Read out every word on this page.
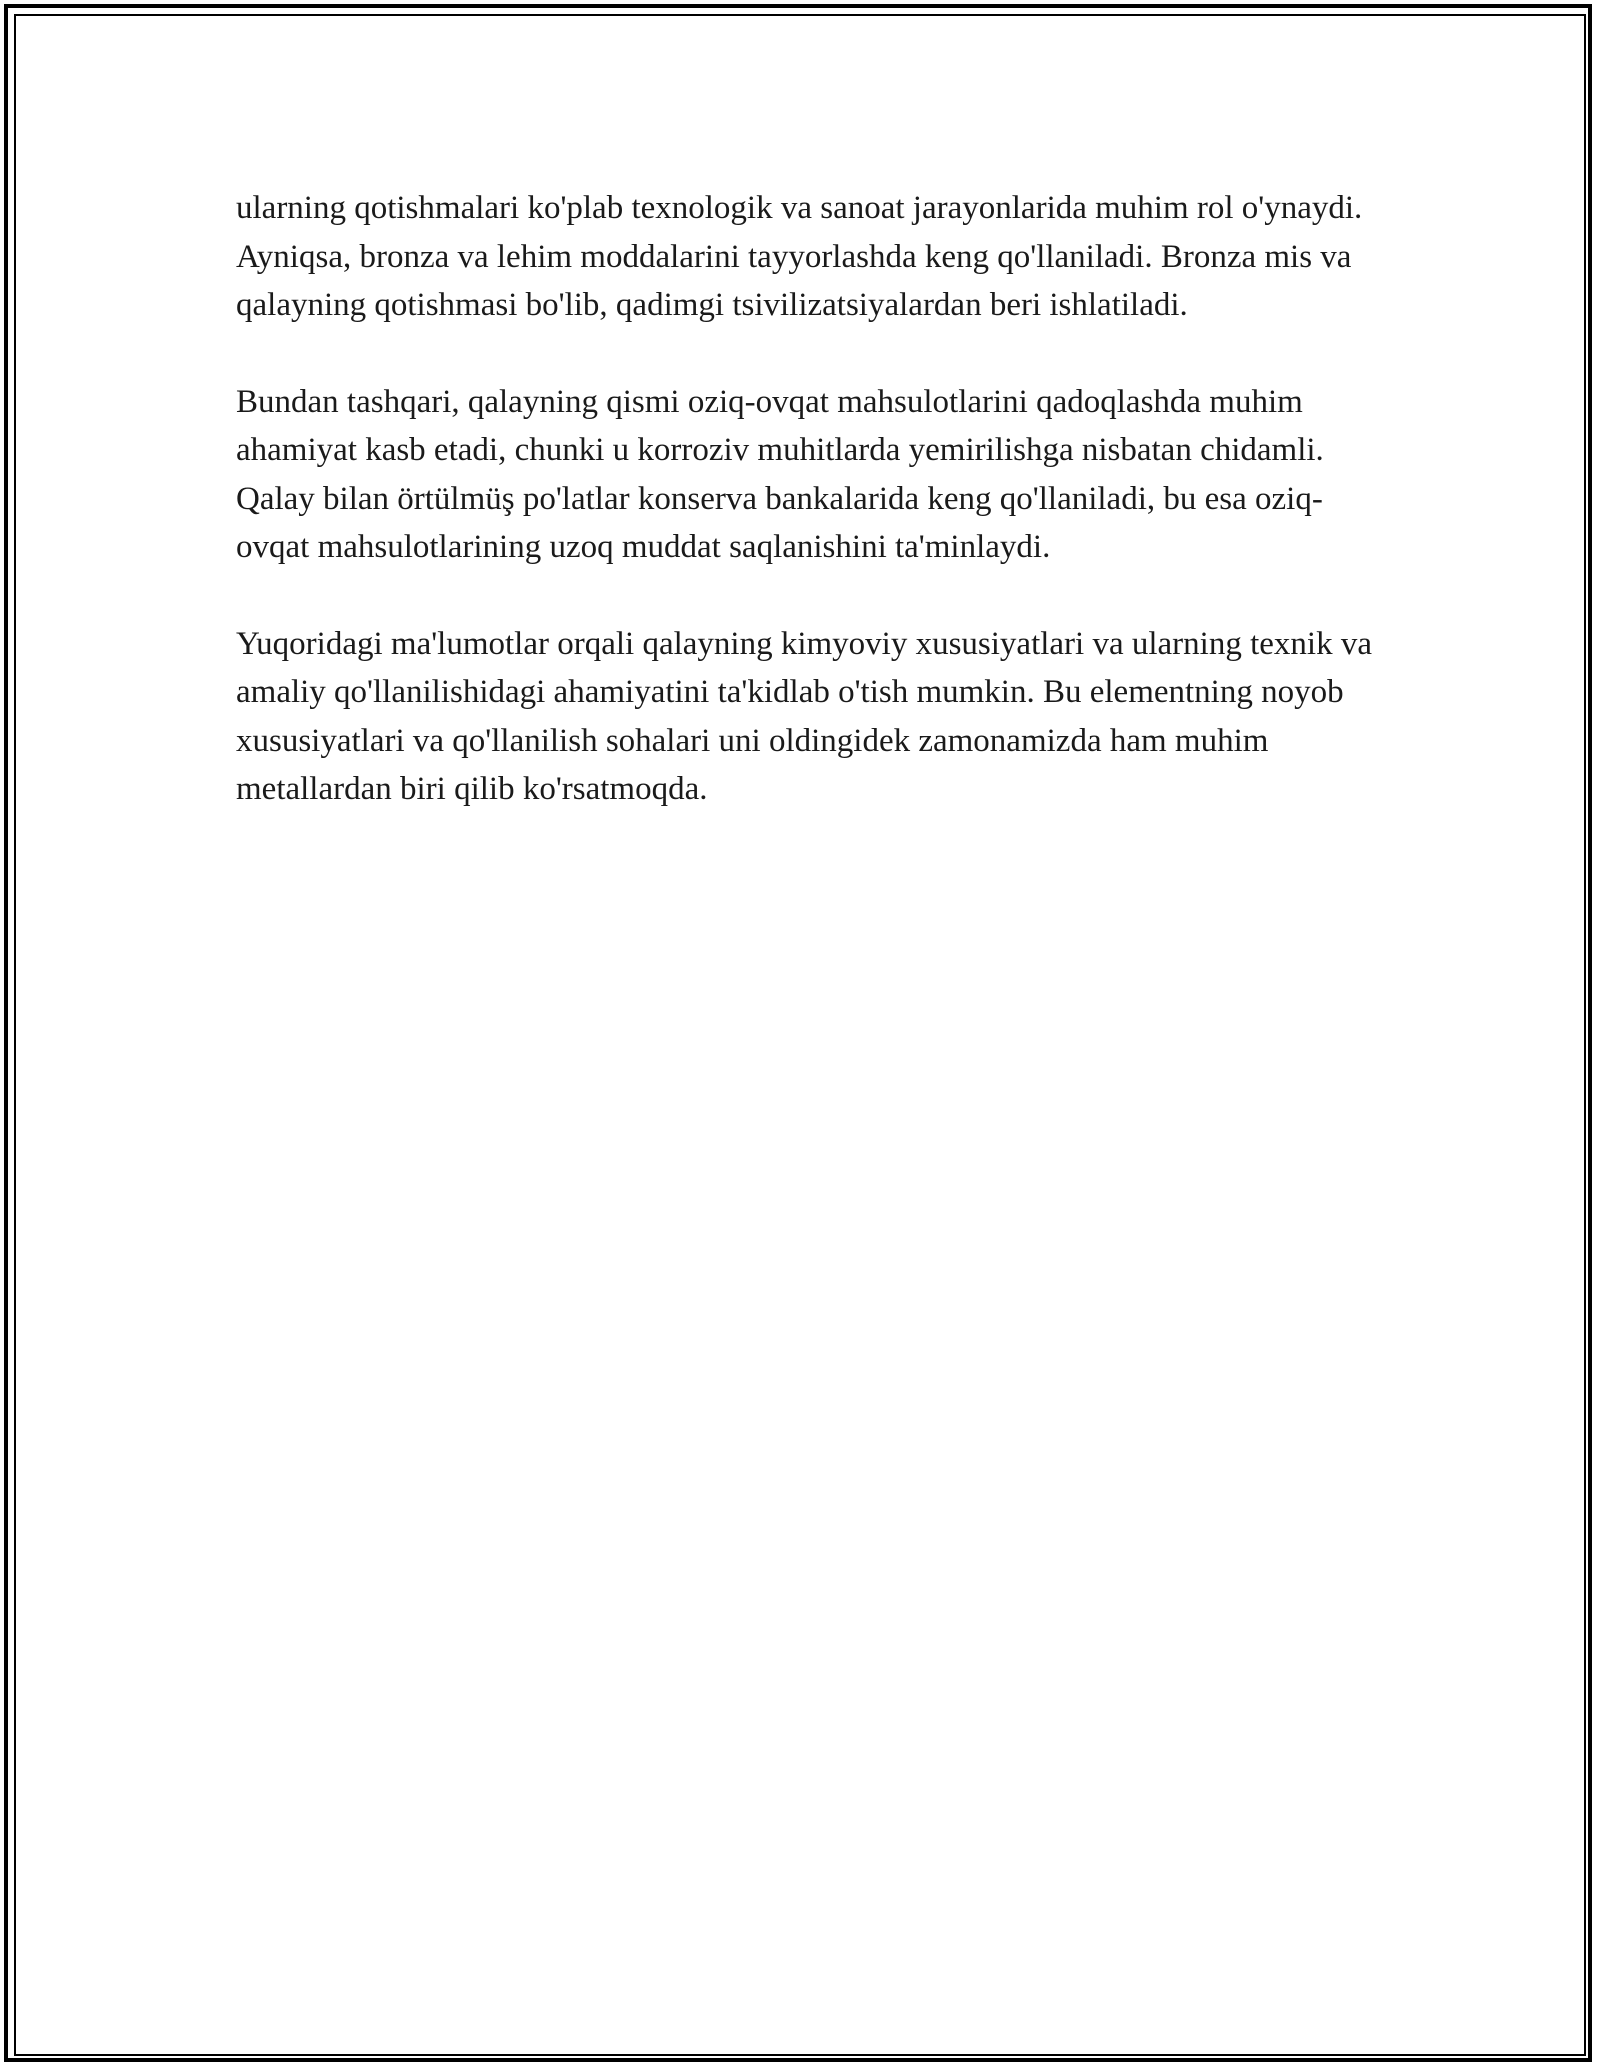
ularning qotishmalari ko'plab texnologik va sanoat jarayonlarida muhim rol o'ynaydi. Ayniqsa, bronza va lehim moddalarini tayyorlashda keng qo'llaniladi. Bronza mis va qalayning qotishmasi bo'lib, qadimgi tsivilizatsiyalardan beri ishlatiladi.

Bundan tashqari, qalayning qismi oziq-ovqat mahsulotlarini qadoqlashda muhim ahamiyat kasb etadi, chunki u korroziv muhitlarda yemirilishga nisbatan chidamli. Qalay bilan örtülmüş po'latlar konserva bankalarida keng qo'llaniladi, bu esa oziq-ovqat mahsulotlarining uzoq muddat saqlanishini ta'minlaydi.

Yuqoridagi ma'lumotlar orqali qalayning kimyoviy xususiyatlari va ularning texnik va amaliy qo'llanilishidagi ahamiyatini ta'kidlab o'tish mumkin. Bu elementning noyob xususiyatlari va qo'llanilish sohalari uni oldingidek zamonamizda ham muhim metallardan biri qilib ko'rsatmoqda.
